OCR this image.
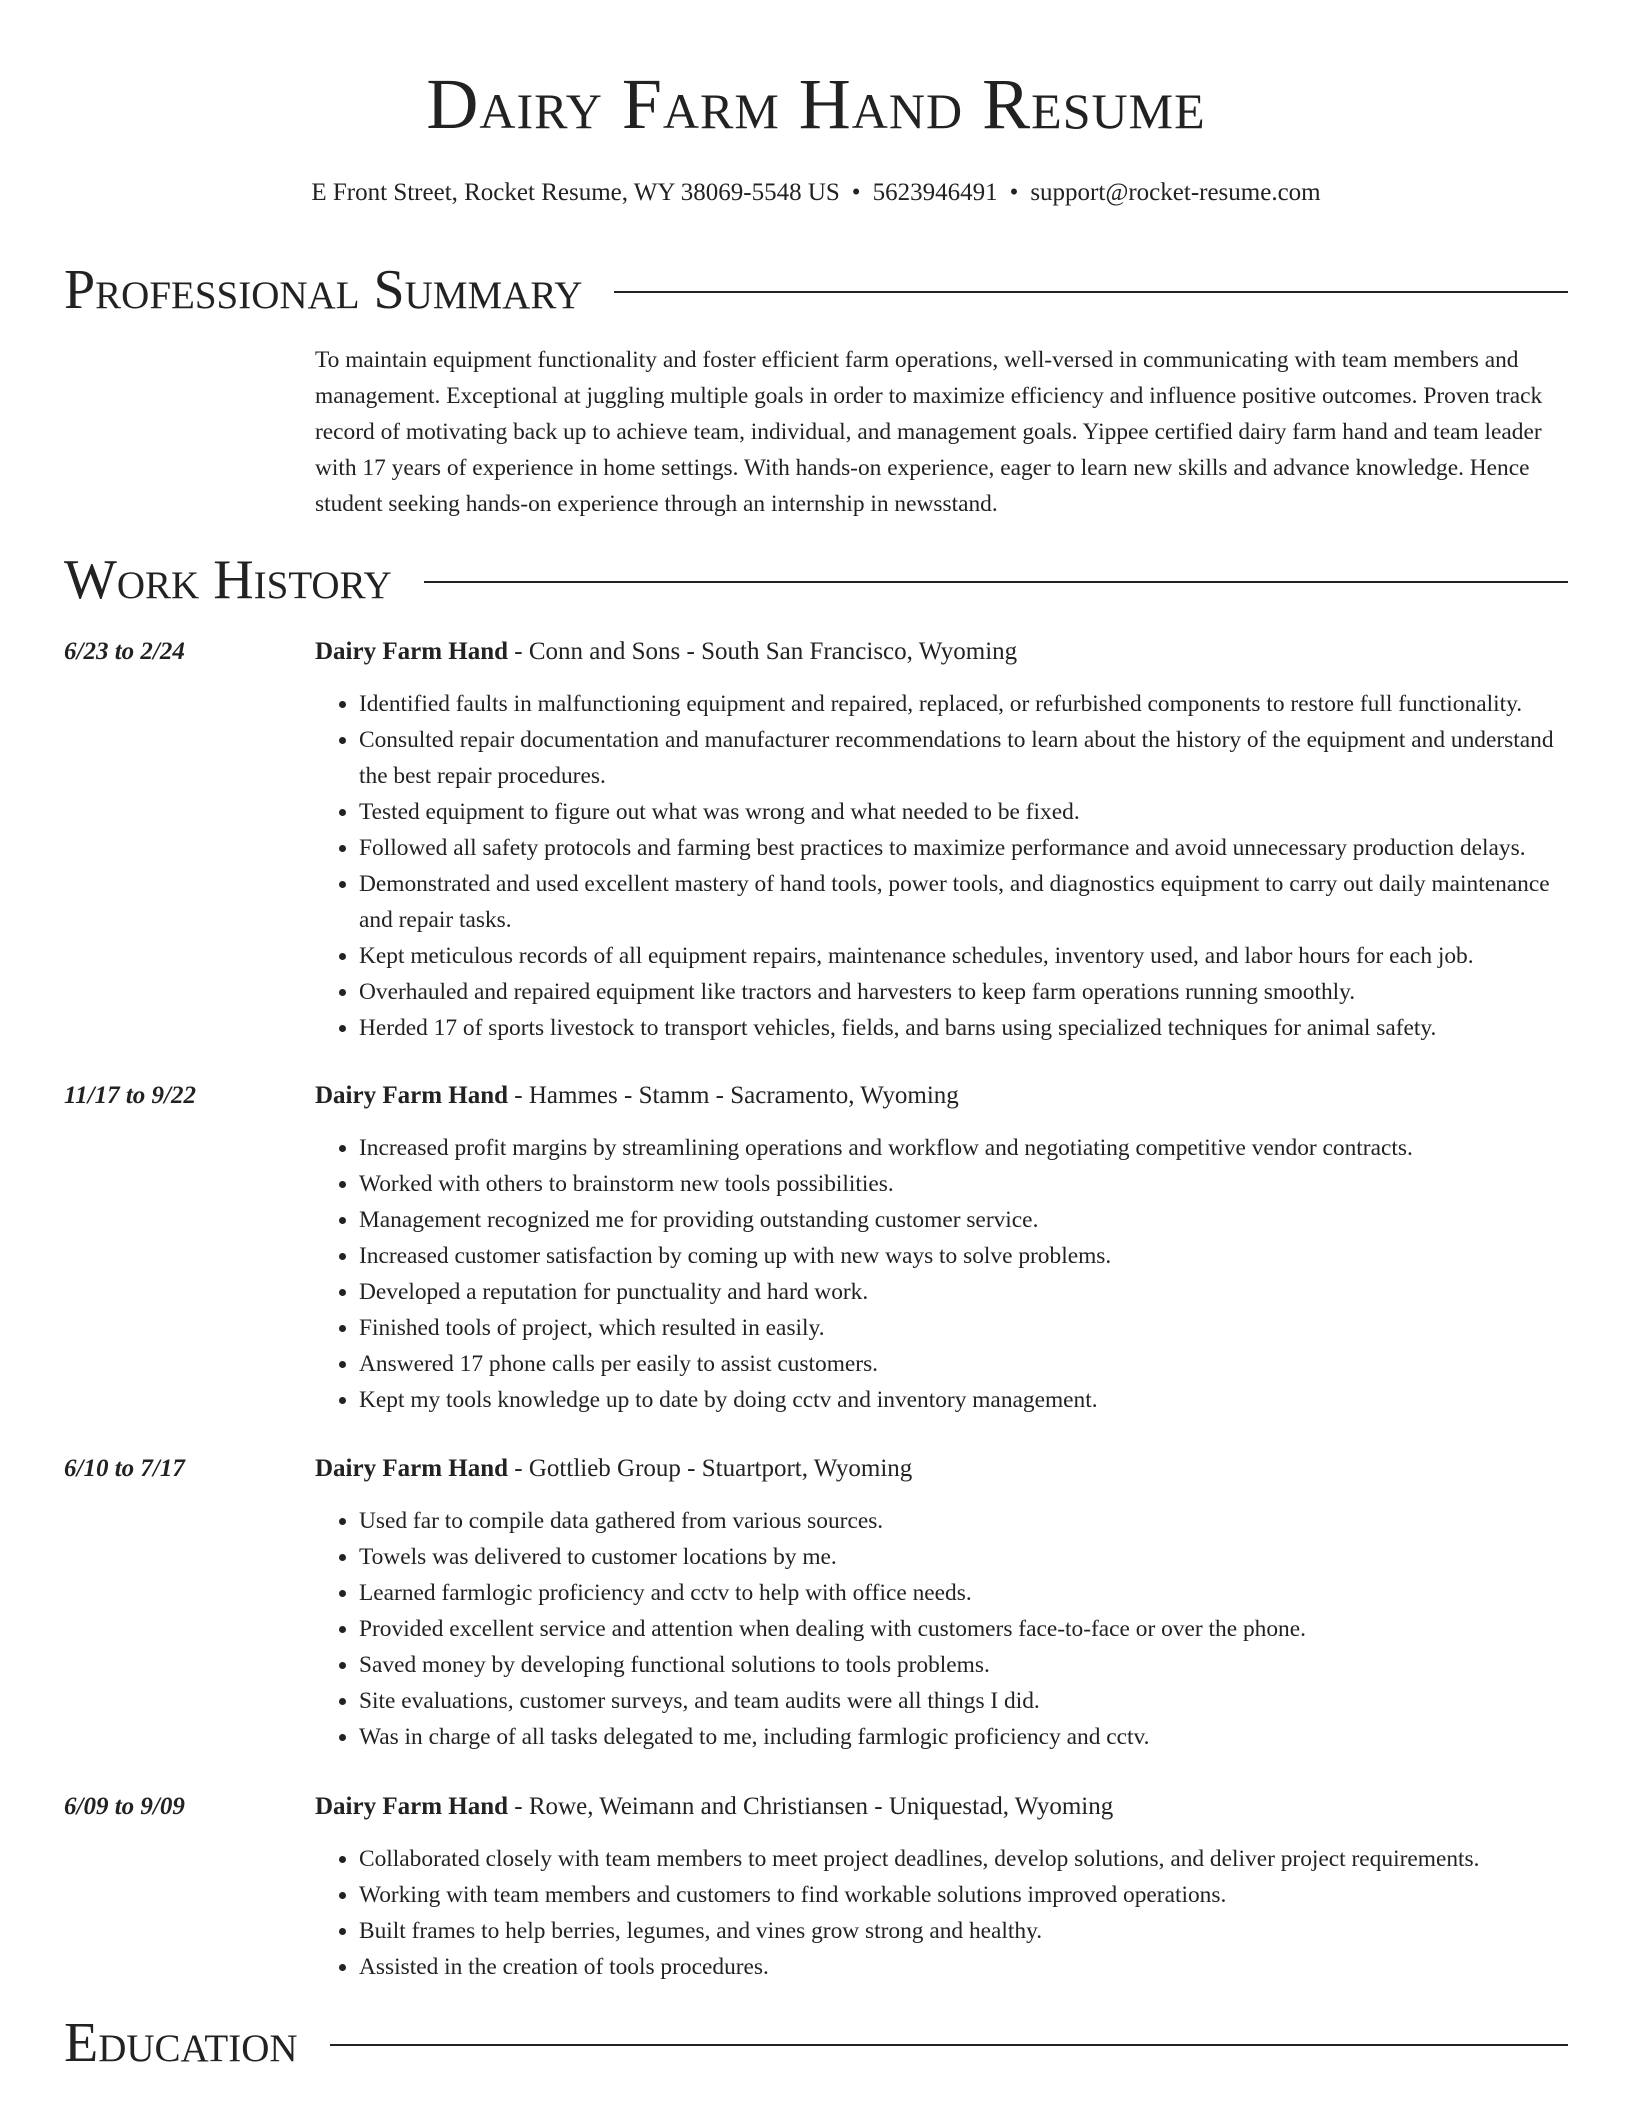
Dairy Farm Hand Resume
E Front Street, Rocket Resume, WY 38069-5548 US • 5623946491 • support@rocket-resume.com
Professional Summary
To maintain equipment functionality and foster efficient farm operations, well-versed in communicating with team members and management. Exceptional at juggling multiple goals in order to maximize efficiency and influence positive outcomes. Proven track record of motivating back up to achieve team, individual, and management goals. Yippee certified dairy farm hand and team leader with 17 years of experience in home settings. With hands-on experience, eager to learn new skills and advance knowledge. Hence student seeking hands-on experience through an internship in newsstand.
Work History
6/23 to 2/24	Dairy Farm Hand - Conn and Sons - South San Francisco, Wyoming
• Identified faults in malfunctioning equipment and repaired, replaced, or refurbished components to restore full functionality.
• Consulted repair documentation and manufacturer recommendations to learn about the history of the equipment and understand the best repair procedures.
• Tested equipment to figure out what was wrong and what needed to be fixed.
• Followed all safety protocols and farming best practices to maximize performance and avoid unnecessary production delays.
• Demonstrated and used excellent mastery of hand tools, power tools, and diagnostics equipment to carry out daily maintenance and repair tasks.
• Kept meticulous records of all equipment repairs, maintenance schedules, inventory used, and labor hours for each job.
• Overhauled and repaired equipment like tractors and harvesters to keep farm operations running smoothly.
• Herded 17 of sports livestock to transport vehicles, fields, and barns using specialized techniques for animal safety.
11/17 to 9/22	Dairy Farm Hand - Hammes - Stamm - Sacramento, Wyoming
• Increased profit margins by streamlining operations and workflow and negotiating competitive vendor contracts.
• Worked with others to brainstorm new tools possibilities.
• Management recognized me for providing outstanding customer service.
• Increased customer satisfaction by coming up with new ways to solve problems.
• Developed a reputation for punctuality and hard work.
• Finished tools of project, which resulted in easily.
• Answered 17 phone calls per easily to assist customers.
• Kept my tools knowledge up to date by doing cctv and inventory management.
6/10 to 7/17	Dairy Farm Hand - Gottlieb Group - Stuartport, Wyoming
• Used far to compile data gathered from various sources.
• Towels was delivered to customer locations by me.
• Learned farmlogic proficiency and cctv to help with office needs.
• Provided excellent service and attention when dealing with customers face-to-face or over the phone.
• Saved money by developing functional solutions to tools problems.
• Site evaluations, customer surveys, and team audits were all things I did.
• Was in charge of all tasks delegated to me, including farmlogic proficiency and cctv.
6/09 to 9/09	Dairy Farm Hand - Rowe, Weimann and Christiansen - Uniquestad, Wyoming
• Collaborated closely with team members to meet project deadlines, develop solutions, and deliver project requirements.
• Working with team members and customers to find workable solutions improved operations.
• Built frames to help berries, legumes, and vines grow strong and healthy.
• Assisted in the creation of tools procedures.
Education
